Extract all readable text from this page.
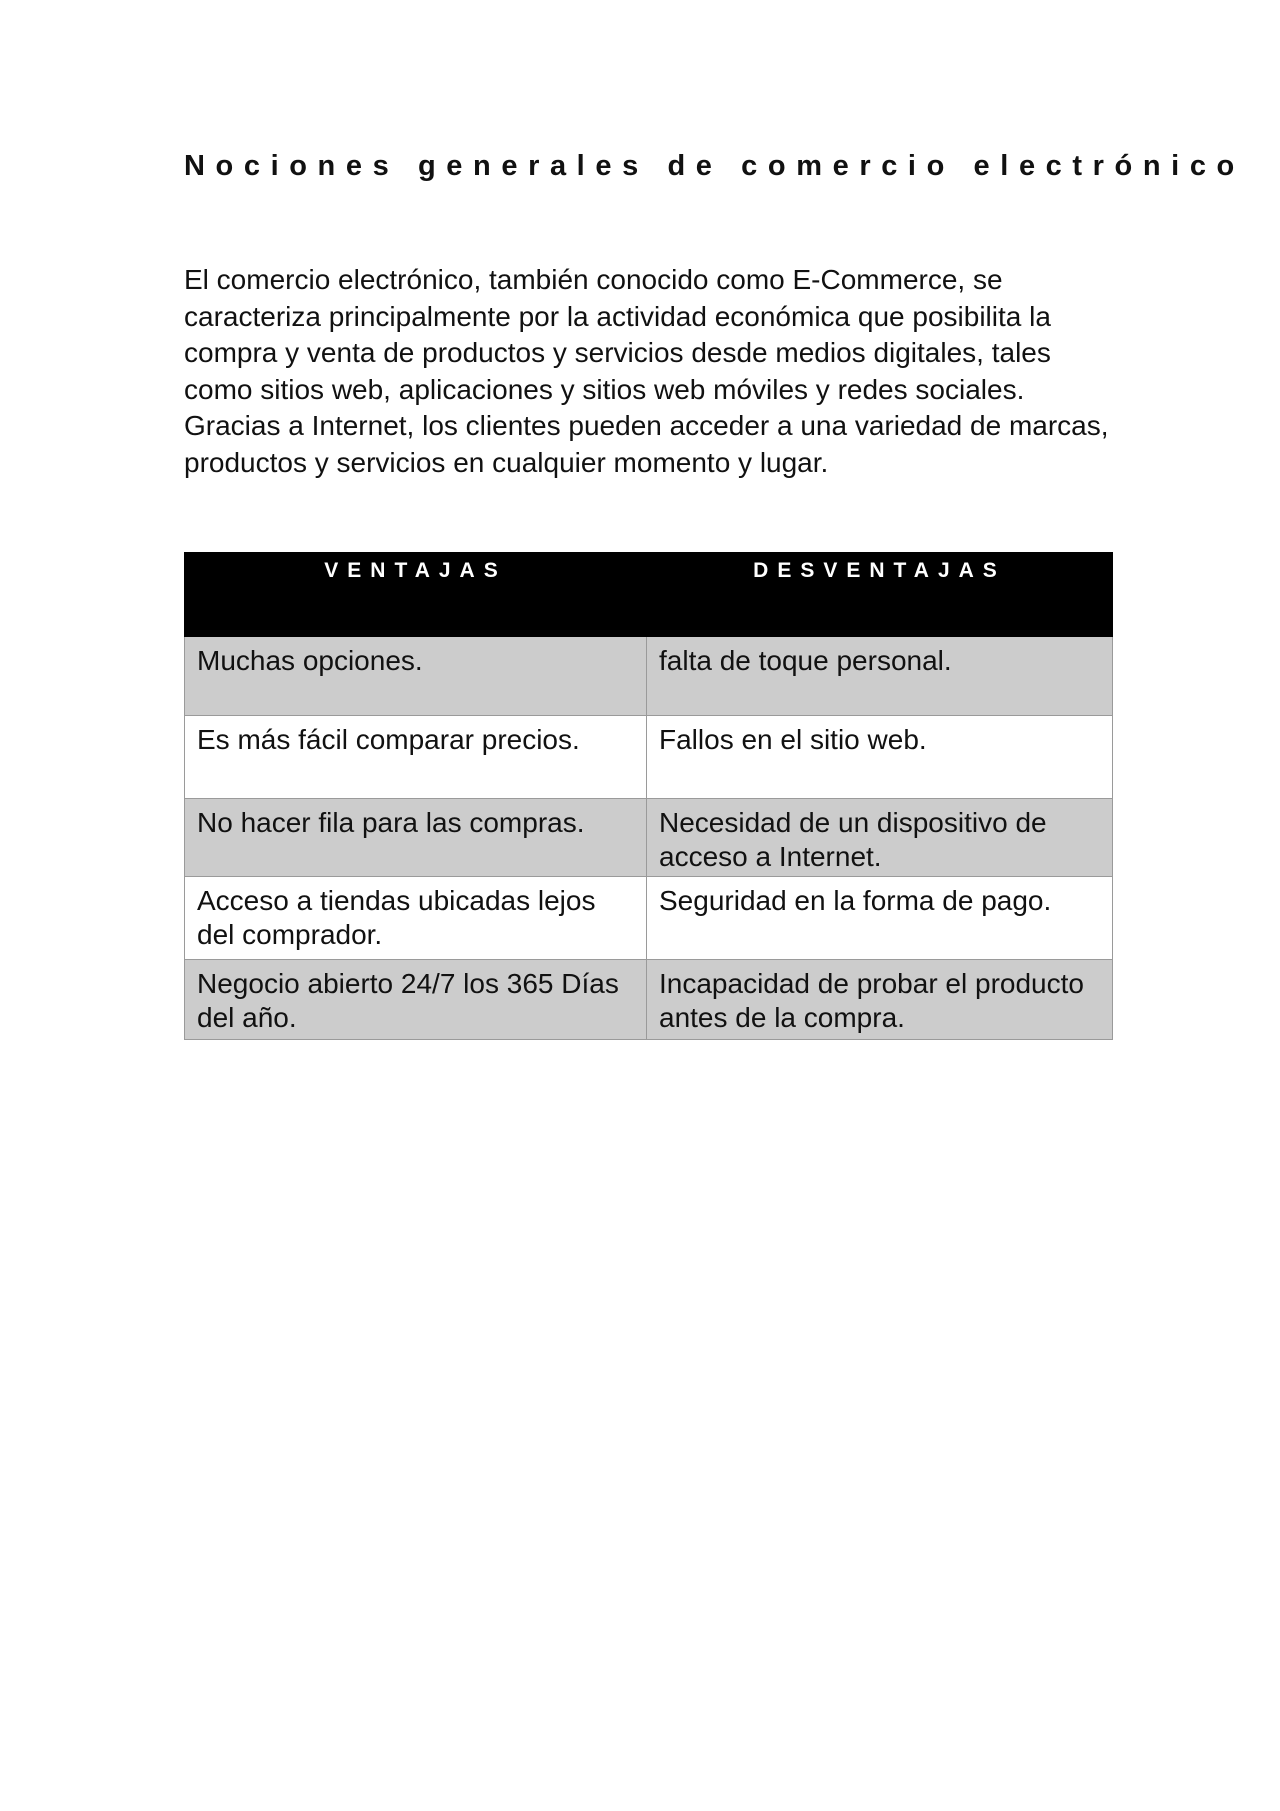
Nociones generales de comercio electrónico

El comercio electrónico, también conocido como E-Commerce, se caracteriza principalmente por la actividad económica que posibilita la compra y venta de productos y servicios desde medios digitales, tales como sitios web, aplicaciones y sitios web móviles y redes sociales. Gracias a Internet, los clientes pueden acceder a una variedad de marcas, productos y servicios en cualquier momento y lugar.

VENTAJAS	DESVENTAJAS
Muchas opciones.	falta de toque personal.
Es más fácil comparar precios.	Fallos en el sitio web.
No hacer fila para las compras.	Necesidad de un dispositivo de acceso a Internet.
Acceso a tiendas ubicadas lejos del comprador.	Seguridad en la forma de pago.
Negocio abierto 24/7 los 365 Días del año.	Incapacidad de probar el producto antes de la compra.
